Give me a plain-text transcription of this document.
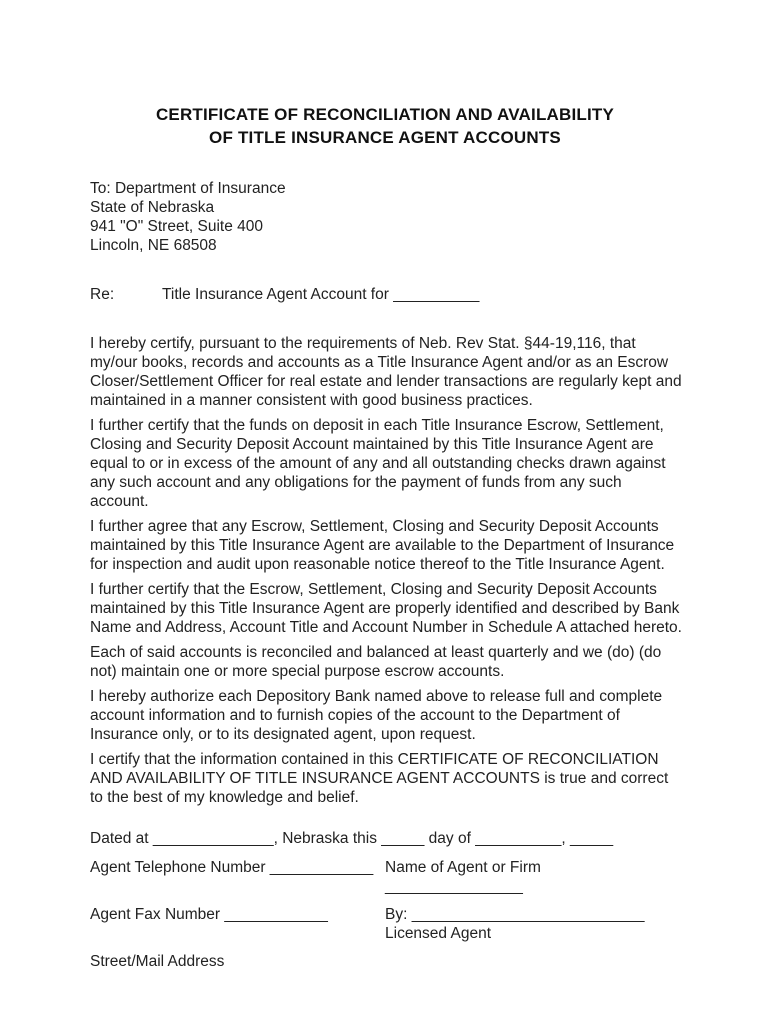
CERTIFICATE OF RECONCILIATION AND AVAILABILITY
OF TITLE INSURANCE AGENT ACCOUNTS
To: Department of Insurance
State of Nebraska
941 "O" Street, Suite 400
Lincoln, NE 68508
Re:	Title Insurance Agent Account for __________

I hereby certify, pursuant to the requirements of Neb. Rev Stat. §44-19,116, that my/our books, records and accounts as a Title Insurance Agent and/or as an Escrow Closer/Settlement Officer for real estate and lender transactions are regularly kept and maintained in a manner consistent with good business practices.

I further certify that the funds on deposit in each Title Insurance Escrow, Settlement, Closing and Security Deposit Account maintained by this Title Insurance Agent are equal to or in excess of the amount of any and all outstanding checks drawn against any such account and any obligations for the payment of funds from any such account.

I further agree that any Escrow, Settlement, Closing and Security Deposit Accounts maintained by this Title Insurance Agent are available to the Department of Insurance for inspection and audit upon reasonable notice thereof to the Title Insurance Agent.

I further certify that the Escrow, Settlement, Closing and Security Deposit Accounts maintained by this Title Insurance Agent are properly identified and described by Bank Name and Address, Account Title and Account Number in Schedule A attached hereto.

Each of said accounts is reconciled and balanced at least quarterly and we (do) (do not) maintain one or more special purpose escrow accounts.

I hereby authorize each Depository Bank named above to release full and complete account information and to furnish copies of the account to the Department of Insurance only, or to its designated agent, upon request.

I certify that the information contained in this CERTIFICATE OF RECONCILIATION AND AVAILABILITY OF TITLE INSURANCE AGENT ACCOUNTS is true and correct to the best of my knowledge and belief.

Dated at ______________, Nebraska this _____ day of __________, _____
Agent Telephone Number ____________ Name of Agent or Firm ________________
Agent Fax Number ____________	By: ___________________________
Licensed Agent
Street/Mail Address
